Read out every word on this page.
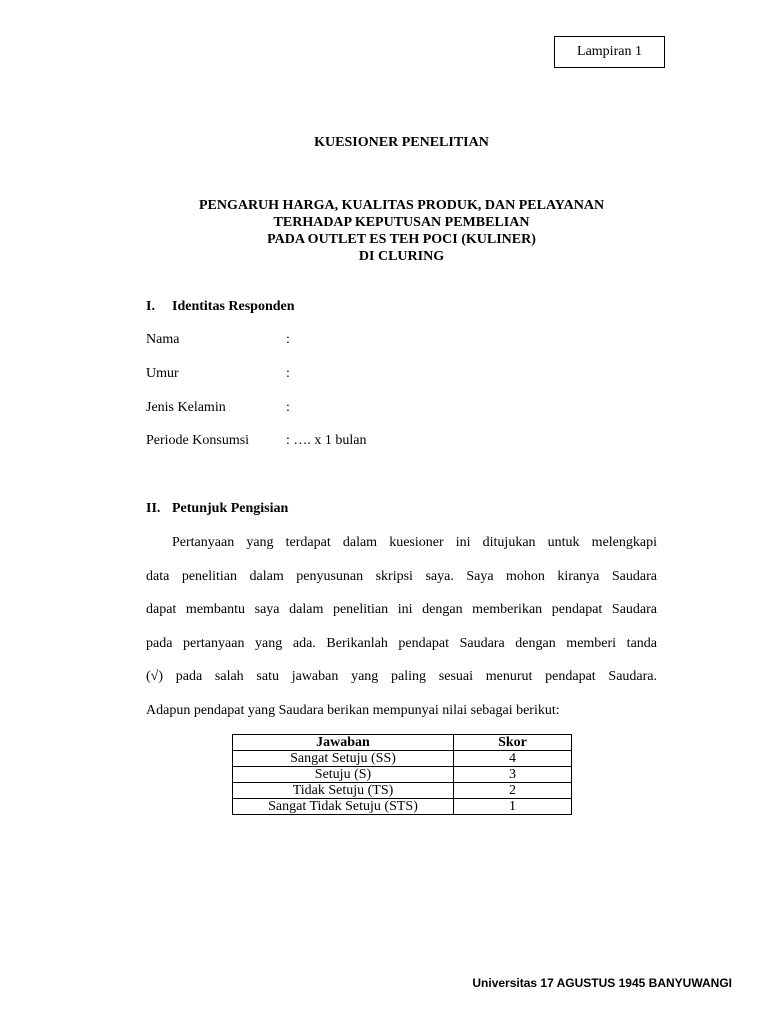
Lampiran 1
KUESIONER PENELITIAN
PENGARUH HARGA, KUALITAS PRODUK, DAN PELAYANAN
TERHADAP KEPUTUSAN PEMBELIAN
PADA OUTLET ES TEH POCI (KULINER)
DI CLURING
I. Identitas Responden
Nama	:
Umur	:
Jenis Kelamin	:
Periode Konsumsi	: …. x 1 bulan
II. Petunjuk Pengisian
Pertanyaan yang terdapat dalam kuesioner ini ditujukan untuk melengkapi
data penelitian dalam penyusunan skripsi saya. Saya mohon kiranya Saudara
dapat membantu saya dalam penelitian ini dengan memberikan pendapat Saudara
pada pertanyaan yang ada. Berikanlah pendapat Saudara dengan memberi tanda
(√) pada salah satu jawaban yang paling sesuai menurut pendapat Saudara.
Adapun pendapat yang Saudara berikan mempunyai nilai sebagai berikut:
Jawaban	Skor
Sangat Setuju (SS)	4
Setuju (S)	3
Tidak Setuju (TS)	2
Sangat Tidak Setuju (STS)	1
Universitas 17 AGUSTUS 1945 BANYUWANGI
